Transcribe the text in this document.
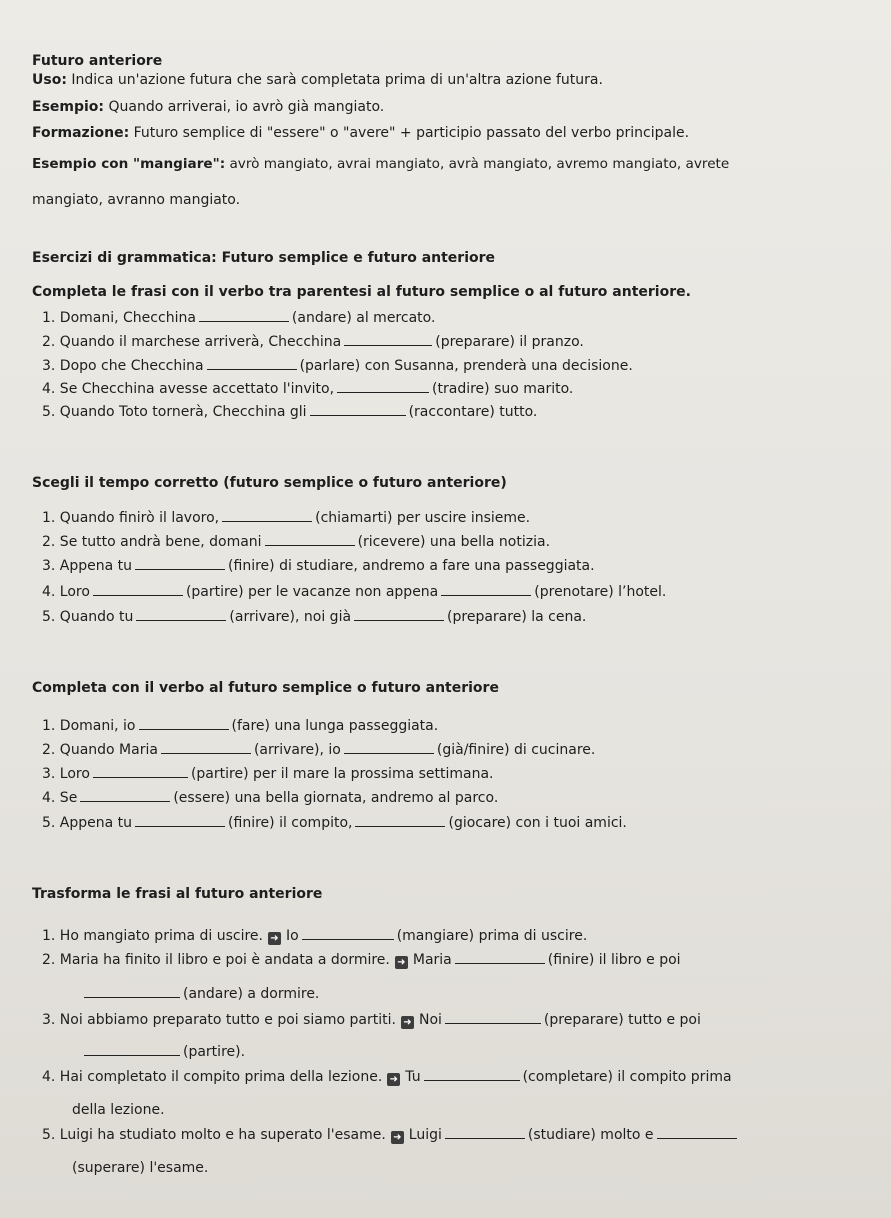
Futuro anteriore
Uso: Indica un'azione futura che sarà completata prima di un'altra azione futura.
Esempio: Quando arriverai, io avrò già mangiato.
Formazione: Futuro semplice di "essere" o "avere" + participio passato del verbo principale.
Esempio con "mangiare": avrò mangiato, avrai mangiato, avrà mangiato, avremo mangiato, avrete
mangiato, avranno mangiato.
Esercizi di grammatica: Futuro semplice e futuro anteriore
Completa le frasi con il verbo tra parentesi al futuro semplice o al futuro anteriore.
1. Domani, Checchina	(andare) al mercato.
2. Quando il marchese arriverà, Checchina	(preparare) il pranzo.
3. Dopo che Checchina	(parlare) con Susanna, prenderà una decisione.
4. Se Checchina avesse accettato l'invito,	(tradire) suo marito.
5. Quando Toto tornerà, Checchina gli	(raccontare) tutto.
Scegli il tempo corretto (futuro semplice o futuro anteriore)
1. Quando finirò il lavoro,	(chiamarti) per uscire insieme.
2. Se tutto andrà bene, domani	(ricevere) una bella notizia.
3. Appena tu	(finire) di studiare, andremo a fare una passeggiata.
4. Loro	(partire) per le vacanze non appena	(prenotare) l’hotel.
5. Quando tu	(arrivare), noi già	(preparare) la cena.
Completa con il verbo al futuro semplice o futuro anteriore
1. Domani, io	(fare) una lunga passeggiata.
2. Quando Maria	(arrivare), io	(già/finire) di cucinare.
3. Loro	(partire) per il mare la prossima settimana.
4. Se	(essere) una bella giornata, andremo al parco.
5. Appena tu	(finire) il compito,	(giocare) con i tuoi amici.
Trasforma le frasi al futuro anteriore
1. Ho mangiato prima di uscire. ➜ Io	(mangiare) prima di uscire.
2. Maria ha finito il libro e poi è andata a dormire. ➜ Maria	(finire) il libro e poi
(andare) a dormire.
3. Noi abbiamo preparato tutto e poi siamo partiti. ➜ Noi	(preparare) tutto e poi
(partire).
4. Hai completato il compito prima della lezione. ➜ Tu	(completare) il compito prima
della lezione.
5. Luigi ha studiato molto e ha superato l'esame. ➜ Luigi	(studiare) molto e
(superare) l'esame.
